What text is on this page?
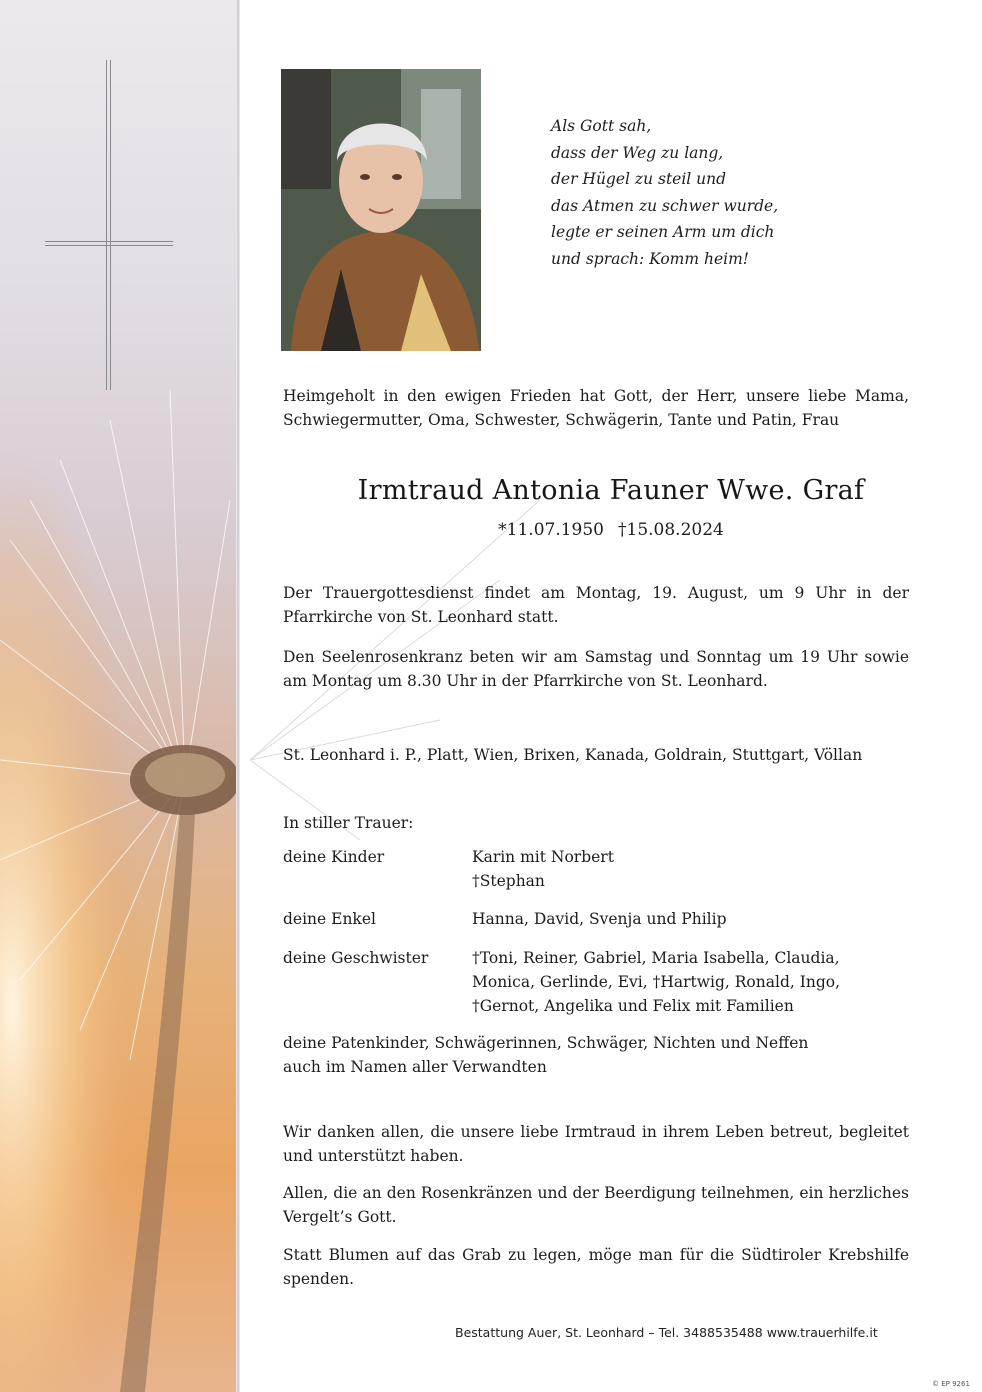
Als Gott sah,
dass der Weg zu lang,
der Hügel zu steil und
das Atmen zu schwer wurde,
legte er seinen Arm um dich
und sprach: Komm heim!
Heimgeholt in den ewigen Frieden hat Gott, der Herr, unsere liebe Mama, Schwiegermutter, Oma, Schwester, Schwägerin, Tante und Patin, Frau
Irmtraud Antonia Fauner Wwe. Graf
*11.07.1950 †15.08.2024
Der Trauergottesdienst findet am Montag, 19. August, um 9 Uhr in der Pfarrkirche von St. Leonhard statt.
Den Seelenrosenkranz beten wir am Samstag und Sonntag um 19 Uhr sowie am Montag um 8.30 Uhr in der Pfarrkirche von St. Leonhard.
St. Leonhard i. P., Platt, Wien, Brixen, Kanada, Goldrain, Stuttgart, Völlan
In stiller Trauer:
deine Kinder	Karin mit Norbert
†Stephan
deine Enkel	Hanna, David, Svenja und Philip
deine Geschwister	†Toni, Reiner, Gabriel, Maria Isabella, Claudia,
Monica, Gerlinde, Evi, †Hartwig, Ronald, Ingo,
†Gernot, Angelika und Felix mit Familien
deine Patenkinder, Schwägerinnen, Schwäger, Nichten und Neffen auch im Namen aller Verwandten
Wir danken allen, die unsere liebe Irmtraud in ihrem Leben betreut, begleitet und unterstützt haben.
Allen, die an den Rosenkränzen und der Beerdigung teilnehmen, ein herzliches Vergelt’s Gott.
Statt Blumen auf das Grab zu legen, möge man für die Südtiroler Krebshilfe spenden.
Bestattung Auer, St. Leonhard – Tel. 3488535488 www.trauerhilfe.it
© EP 9261
